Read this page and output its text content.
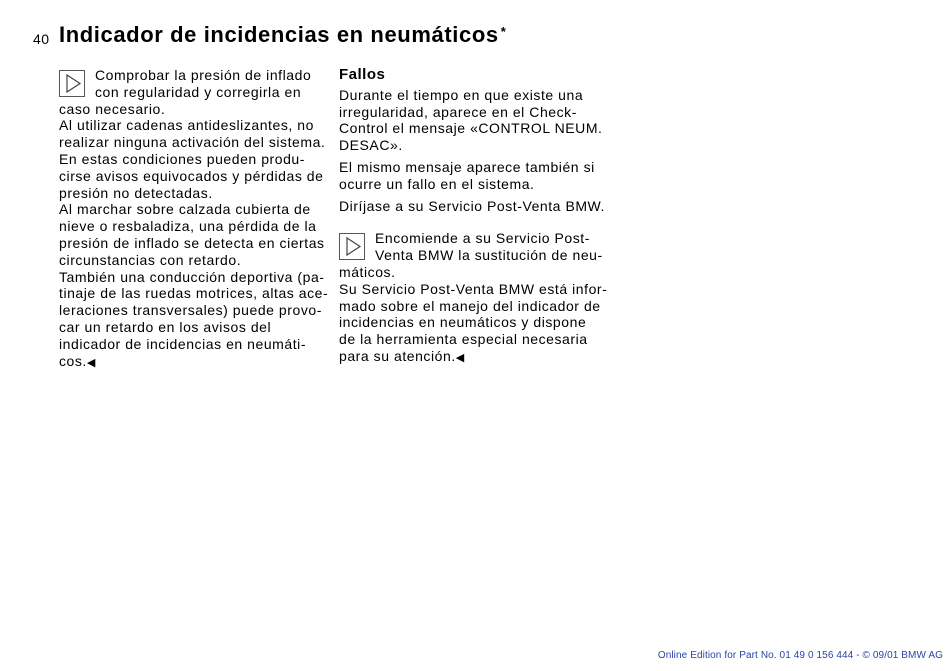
40 Indicador de incidencias en neumáticos *
Comprobar la presión de inflado
con regularidad y corregirla en
caso necesario.
Al utilizar cadenas antideslizantes, no
realizar ninguna activación del sistema.
En estas condiciones pueden produ-
cirse avisos equivocados y pérdidas de
presión no detectadas.
Al marchar sobre calzada cubierta de
nieve o resbaladiza, una pérdida de la
presión de inflado se detecta en ciertas
circunstancias con retardo.
También una conducción deportiva (pa-
tinaje de las ruedas motrices, altas ace-
leraciones transversales) puede provo-
car un retardo en los avisos del
indicador de incidencias en neumáti-
cos.◀
Fallos
Durante el tiempo en que existe una
irregularidad, aparece en el Check-
Control el mensaje «CONTROL NEUM.
DESAC».
El mismo mensaje aparece también si
ocurre un fallo en el sistema.
Diríjase a su Servicio Post-Venta BMW.
Encomiende a su Servicio Post-
Venta BMW la sustitución de neu-
máticos.
Su Servicio Post-Venta BMW está infor-
mado sobre el manejo del indicador de
incidencias en neumáticos y dispone
de la herramienta especial necesaria
para su atención.◀
Online Edition for Part No. 01 49 0 156 444 - © 09/01 BMW AG
